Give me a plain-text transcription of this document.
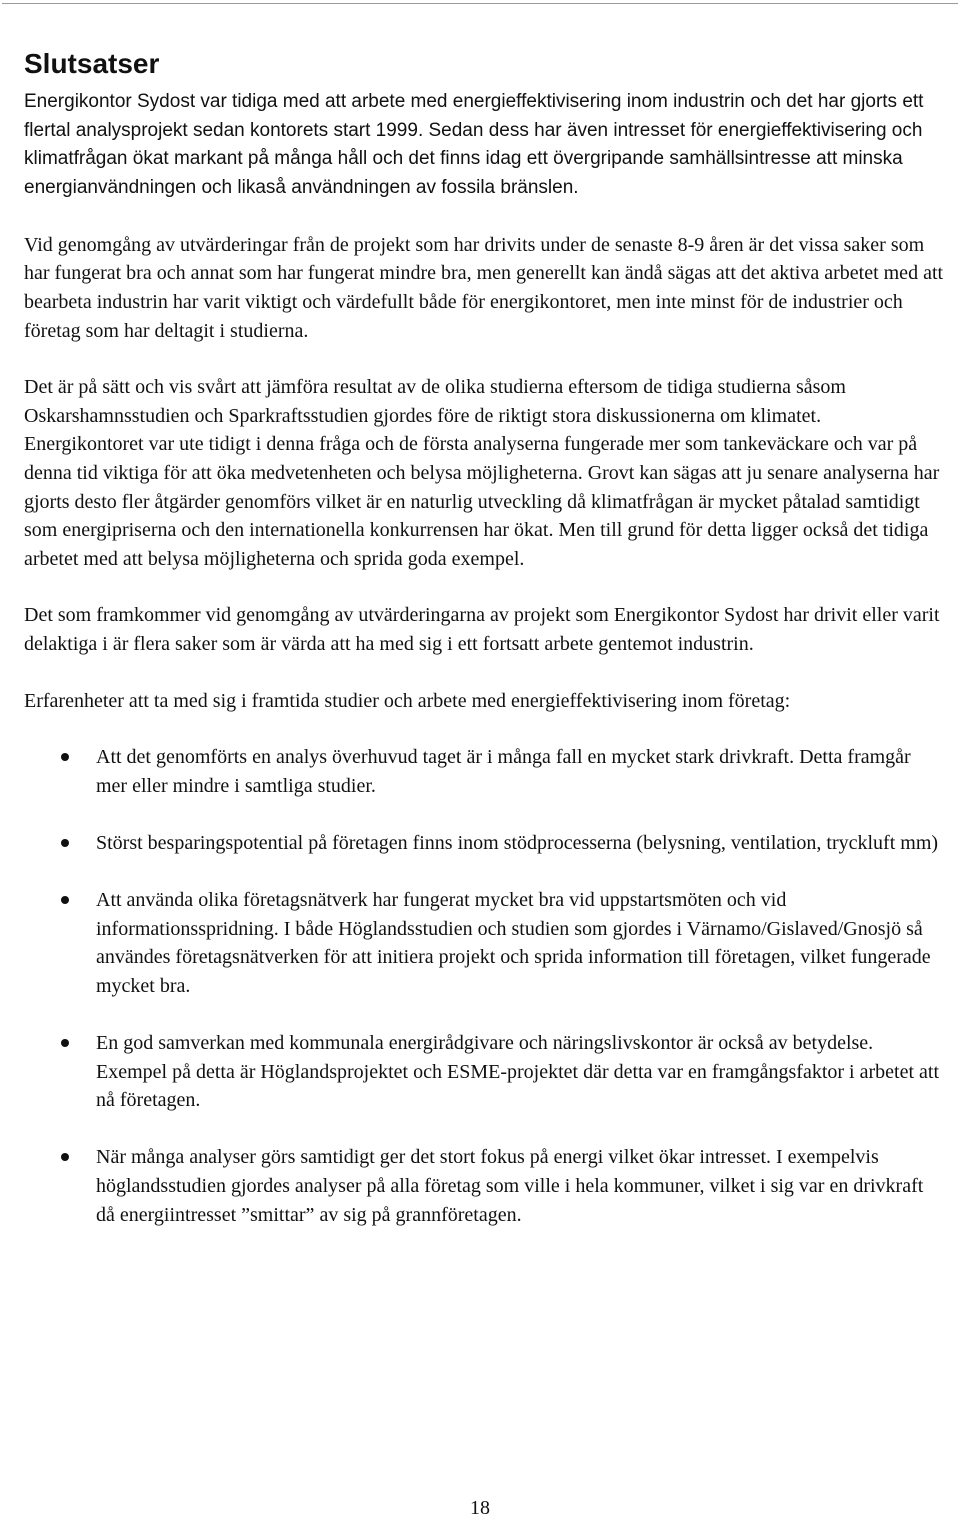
Slutsatser

Energikontor Sydost var tidiga med att arbete med energieffektivisering inom industrin och det har gjorts ett flertal analysprojekt sedan kontorets start 1999. Sedan dess har även intresset för energieffektivisering och klimatfrågan ökat markant på många håll och det finns idag ett övergripande samhällsintresse att minska energianvändningen och likaså användningen av fossila bränslen.

Vid genomgång av utvärderingar från de projekt som har drivits under de senaste 8-9 åren är det vissa saker som har fungerat bra och annat som har fungerat mindre bra, men generellt kan ändå sägas att det aktiva arbetet med att bearbeta industrin har varit viktigt och värdefullt både för energikontoret, men inte minst för de industrier och företag som har deltagit i studierna.

Det är på sätt och vis svårt att jämföra resultat av de olika studierna eftersom de tidiga studierna såsom Oskarshamnsstudien och Sparkraftsstudien gjordes före de riktigt stora diskussionerna om klimatet. Energikontoret var ute tidigt i denna fråga och de första analyserna fungerade mer som tankeväckare och var på denna tid viktiga för att öka medvetenheten och belysa möjligheterna. Grovt kan sägas att ju senare analyserna har gjorts desto fler åtgärder genomförs vilket är en naturlig utveckling då klimatfrågan är mycket påtalad samtidigt som energipriserna och den internationella konkurrensen har ökat. Men till grund för detta ligger också det tidiga arbetet med att belysa möjligheterna och sprida goda exempel.

Det som framkommer vid genomgång av utvärderingarna av projekt som Energikontor Sydost har drivit eller varit delaktiga i är flera saker som är värda att ha med sig i ett fortsatt arbete gentemot industrin.

Erfarenheter att ta med sig i framtida studier och arbete med energieffektivisering inom företag:

Att det genomförts en analys överhuvud taget är i många fall en mycket stark drivkraft. Detta framgår mer eller mindre i samtliga studier.
Störst besparingspotential på företagen finns inom stödprocesserna (belysning, ventilation, tryckluft mm)
Att använda olika företagsnätverk har fungerat mycket bra vid uppstartsmöten och vid informationsspridning. I både Höglandsstudien och studien som gjordes i Värnamo/Gislaved/Gnosjö så användes företagsnätverken för att initiera projekt och sprida information till företagen, vilket fungerade mycket bra.
En god samverkan med kommunala energirådgivare och näringslivskontor är också av betydelse. Exempel på detta är Höglandsprojektet och ESME-projektet där detta var en framgångsfaktor i arbetet att nå företagen.
När många analyser görs samtidigt ger det stort fokus på energi vilket ökar intresset. I exempelvis höglandsstudien gjordes analyser på alla företag som ville i hela kommuner, vilket i sig var en drivkraft då energiintresset ”smittar” av sig på grannföretagen.
18
